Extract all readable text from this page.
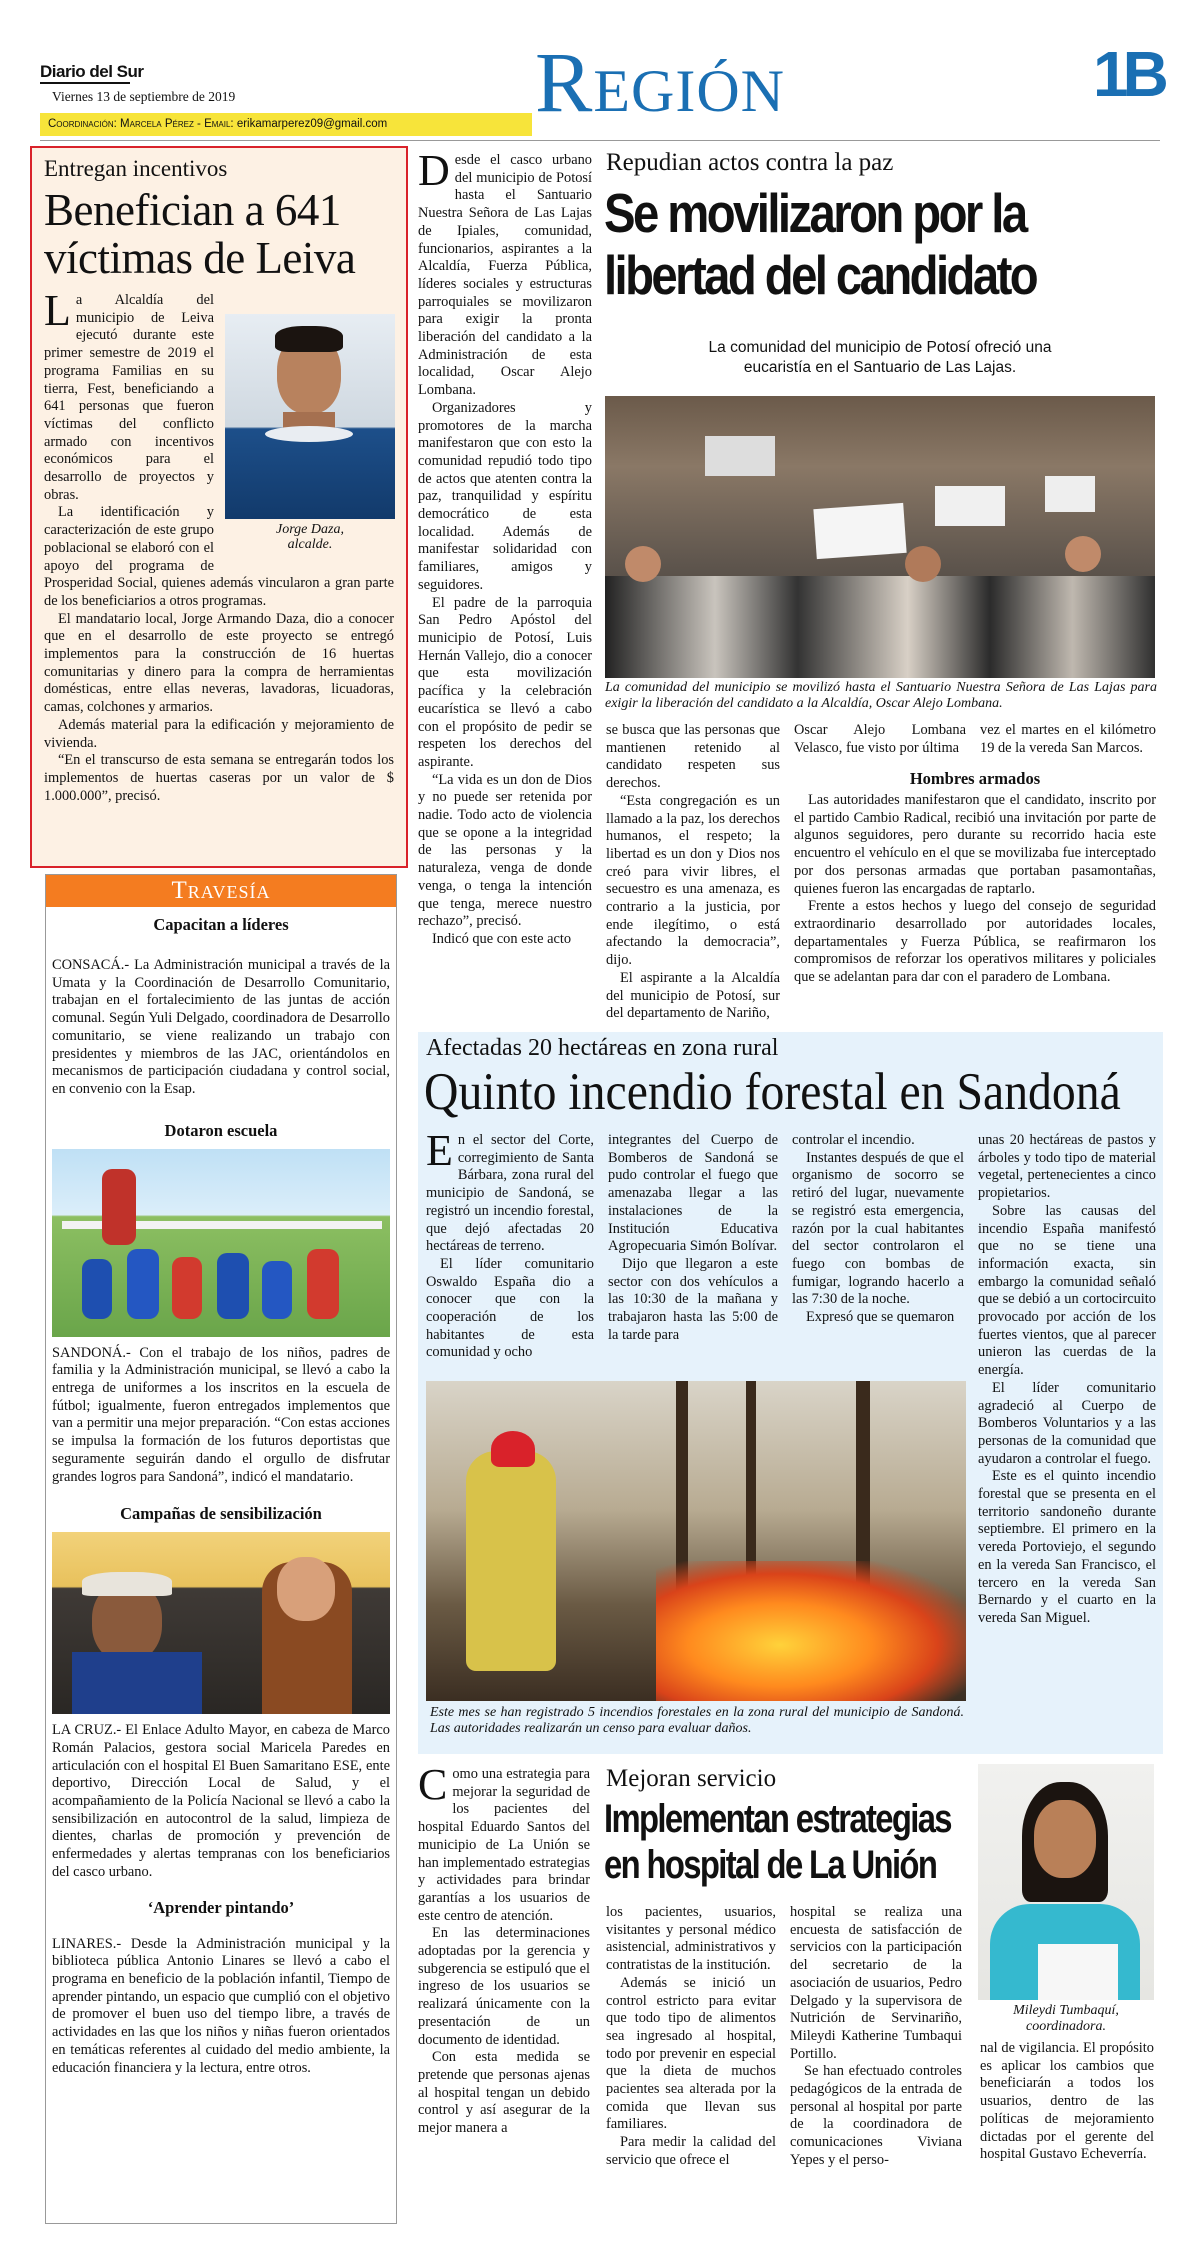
Diario del Sur
Viernes 13 de septiembre de 2019
Coordinación: Marcela Pérez - Email: erikamarperez09@gmail.com	Región	1B
Entregan incentivos
Benefician a 641 víctimas de Leiva
Jorge Daza,
alcalde.

La Alcaldía del municipio de Leiva ejecutó durante este primer semestre de 2019 el programa Familias en su tierra, Fest, beneficiando a 641 personas que fueron víctimas del conflicto armado con incentivos económicos para el desarrollo de proyectos y obras.

La identificación y caracterización de este grupo poblacional se elaboró con el apoyo del programa de Prosperidad Social, quienes además vincularon a gran parte de los beneficiarios a otros programas.

El mandatario local, Jorge Armando Daza, dio a conocer que en el desarrollo de este proyecto se entregó implementos para la construcción de 16 huertas comunitarias y dinero para la compra de herramientas domésticas, entre ellas neveras, lavadoras, licuadoras, camas, colchones y armarios.

Además material para la edificación y mejoramiento de vivienda.

“En el transcurso de esta semana se entregarán todos los implementos de huertas caseras por un valor de $ 1.000.000”, precisó.

Travesía
Capacitan a líderes
CONSACÁ.- La Administración municipal a través de la Umata y la Coordinación de Desarrollo Comunitario, trabajan en el fortalecimiento de las juntas de acción comunal. Según Yuli Delgado, coordinadora de Desarrollo comunitario, se viene realizando un trabajo con presidentes y miembros de las JAC, orientándolos en mecanismos de participación ciudadana y control social, en convenio con la Esap.
Dotaron escuela
SANDONÁ.- Con el trabajo de los niños, padres de familia y la Administración municipal, se llevó a cabo la entrega de uniformes a los inscritos en la escuela de fútbol; igualmente, fueron entregados implementos que van a permitir una mejor preparación. “Con estas acciones se impulsa la formación de los futuros deportistas que seguramente seguirán dando el orgullo de disfrutar grandes logros para Sandoná”, indicó el mandatario.
Campañas de sensibilización
LA CRUZ.- El Enlace Adulto Mayor, en cabeza de Marco Román Palacios, gestora social Maricela Paredes en articulación con el hospital El Buen Samaritano ESE, ente deportivo, Dirección Local de Salud, y el acompañamiento de la Policía Nacional se llevó a cabo la sensibilización en autocontrol de la salud, limpieza de dientes, charlas de promoción y prevención de enfermedades y alertas tempranas con los beneficiarios del casco urbano.
‘Aprender pintando’
LINARES.- Desde la Administración municipal y la biblioteca pública Antonio Linares se llevó a cabo el programa en beneficio de la población infantil, Tiempo de aprender pintando, un espacio que cumplió con el objetivo de promover el buen uso del tiempo libre, a través de actividades en las que los niños y niñas fueron orientados en temáticas referentes al cuidado del medio ambiente, la educación financiera y la lectura, entre otros.

Desde el casco urbano del municipio de Potosí hasta el Santuario Nuestra Señora de Las Lajas de Ipiales, comunidad, funcionarios, aspirantes a la Alcaldía, Fuerza Pública, líderes sociales y estructuras parroquiales se movilizaron para exigir la pronta liberación del candidato a la Administración de esta localidad, Oscar Alejo Lombana.

Organizadores y promotores de la marcha manifestaron que con esto la comunidad repudió todo tipo de actos que atenten contra la paz, tranquilidad y espíritu democrático de esta localidad. Además de manifestar solidaridad con familiares, amigos y seguidores.

El padre de la parroquia San Pedro Apóstol del municipio de Potosí, Luis Hernán Vallejo, dio a conocer que esta movilización pacífica y la celebración eucarística se llevó a cabo con el propósito de pedir se respeten los derechos del aspirante.

“La vida es un don de Dios y no puede ser retenida por nadie. Todo acto de violencia que se opone a la integridad de las personas y la naturaleza, venga de donde venga, o tenga la intención que tenga, merece nuestro rechazo”, precisó.

Indicó que con este acto

Repudian actos contra la paz
Se movilizaron por la libertad del candidato
La comunidad del municipio de Potosí ofreció una eucaristía en el Santuario de Las Lajas.
La comunidad del municipio se movilizó hasta el Santuario Nuestra Señora de Las Lajas para exigir la liberación del candidato a la Alcaldía, Oscar Alejo Lombana.

se busca que las personas que mantienen retenido al candidato respeten sus derechos.

“Esta congregación es un llamado a la paz, los derechos humanos, el respeto; la libertad es un don y Dios nos creó para vivir libres, el secuestro es una amenaza, es contrario a la justicia, por ende ilegítimo, o está afectando la democracia”, dijo.

El aspirante a la Alcaldía del municipio de Potosí, sur del departamento de Nariño,

Oscar Alejo Lombana Velasco, fue visto por última

vez el martes en el kilómetro 19 de la vereda San Marcos.

Hombres armados

Las autoridades manifestaron que el candidato, inscrito por el partido Cambio Radical, recibió una invitación por parte de algunos seguidores, pero durante su recorrido hacia este encuentro el vehículo en el que se movilizaba fue interceptado por dos personas armadas que portaban pasamontañas, quienes fueron las encargadas de raptarlo.

Frente a estos hechos y luego del consejo de seguridad extraordinario desarrollado por autoridades locales, departamentales y Fuerza Pública, se reafirmaron los compromisos de reforzar los operativos militares y policiales que se adelantan para dar con el paradero de Lombana.

Afectadas 20 hectáreas en zona rural
Quinto incendio forestal en Sandoná

En el sector del Corte, corregimiento de Santa Bárbara, zona rural del municipio de Sandoná, se registró un incendio forestal, que dejó afectadas 20 hectáreas de terreno.

El líder comunitario Oswaldo España dio a conocer que con la cooperación de los habitantes de esta comunidad y ocho

integrantes del Cuerpo de Bomberos de Sandoná se pudo controlar el fuego que amenazaba llegar a las instalaciones de la Institución Educativa Agropecuaria Simón Bolívar.

Dijo que llegaron a este sector con dos vehículos a las 10:30 de la mañana y trabajaron hasta las 5:00 de la tarde para

controlar el incendio.

Instantes después de que el organismo de socorro se retiró del lugar, nuevamente se registró esta emergencia, razón por la cual habitantes del sector controlaron el fuego con bombas de fumigar, logrando hacerlo a las 7:30 de la noche.

Expresó que se quemaron

unas 20 hectáreas de pastos y árboles y todo tipo de material vegetal, pertenecientes a cinco propietarios.

Sobre las causas del incendio España manifestó que no se tiene una información exacta, sin embargo la comunidad señaló que se debió a un cortocircuito provocado por acción de los fuertes vientos, que al parecer unieron las cuerdas de la energía.

El líder comunitario agradeció al Cuerpo de Bomberos Voluntarios y a las personas de la comunidad que ayudaron a controlar el fuego.

Este es el quinto incendio forestal que se presenta en el territorio sandoneño durante septiembre. El primero en la vereda Portoviejo, el segundo en la vereda San Francisco, el tercero en la vereda San Bernardo y el cuarto en la vereda San Miguel.

Este mes se han registrado 5 incendios forestales en la zona rural del municipio de Sandoná. Las autoridades realizarán un censo para evaluar daños.

Como una estrategia para mejorar la seguridad de los pacientes del hospital Eduardo Santos del municipio de La Unión se han implementado estrategias y actividades para brindar garantías a los usuarios de este centro de atención.

En las determinaciones adoptadas por la gerencia y subgerencia se estipuló que el ingreso de los usuarios se realizará únicamente con la presentación de un documento de identidad.

Con esta medida se pretende que personas ajenas al hospital tengan un debido control y así asegurar de la mejor manera a

Mejoran servicio
Implementan estrategias en hospital de La Unión

los pacientes, usuarios, visitantes y personal médico asistencial, administrativos y contratistas de la institución.

Además se inició un control estricto para evitar que todo tipo de alimentos sea ingresado al hospital, todo por prevenir en especial que la dieta de muchos pacientes sea alterada por la comida que llevan sus familiares.

Para medir la calidad del servicio que ofrece el

hospital se realiza una encuesta de satisfacción de servicios con la participación del secretario de la asociación de usuarios, Pedro Delgado y la supervisora de Nutrición de Servinariño, Mileydi Katherine Tumbaqui Portillo.

Se han efectuado controles pedagógicos de la entrada de personal al hospital por parte de la coordinadora de comunicaciones Viviana Yepes y el perso-

Mileydi Tumbaquí,
coordinadora.

nal de vigilancia. El propósito es aplicar los cambios que beneficiarán a todos los usuarios, dentro de las políticas de mejoramiento dictadas por el gerente del hospital Gustavo Echeverría.
